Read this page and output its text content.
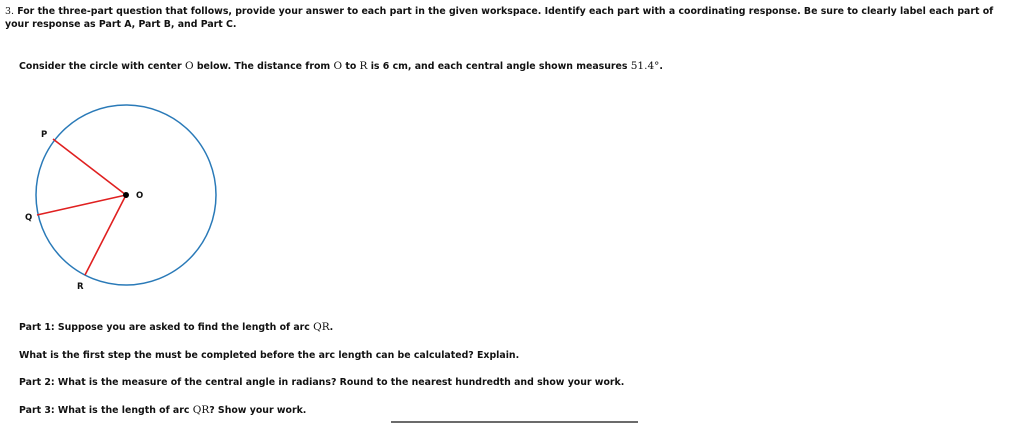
3. For the three-part question that follows, provide your answer to each part in the given workspace. Identify each part with a coordinating response. Be sure to clearly label each part of your response as Part A, Part B, and Part C.
Consider the circle with center O below. The distance from O to R is 6 cm, and each central angle shown measures 51.4°.
O
P
Q
R
Part 1: Suppose you are asked to find the length of arc QR.
What is the first step the must be completed before the arc length can be calculated? Explain.
Part 2: What is the measure of the central angle in radians? Round to the nearest hundredth and show your work.
Part 3: What is the length of arc QR? Show your work.
